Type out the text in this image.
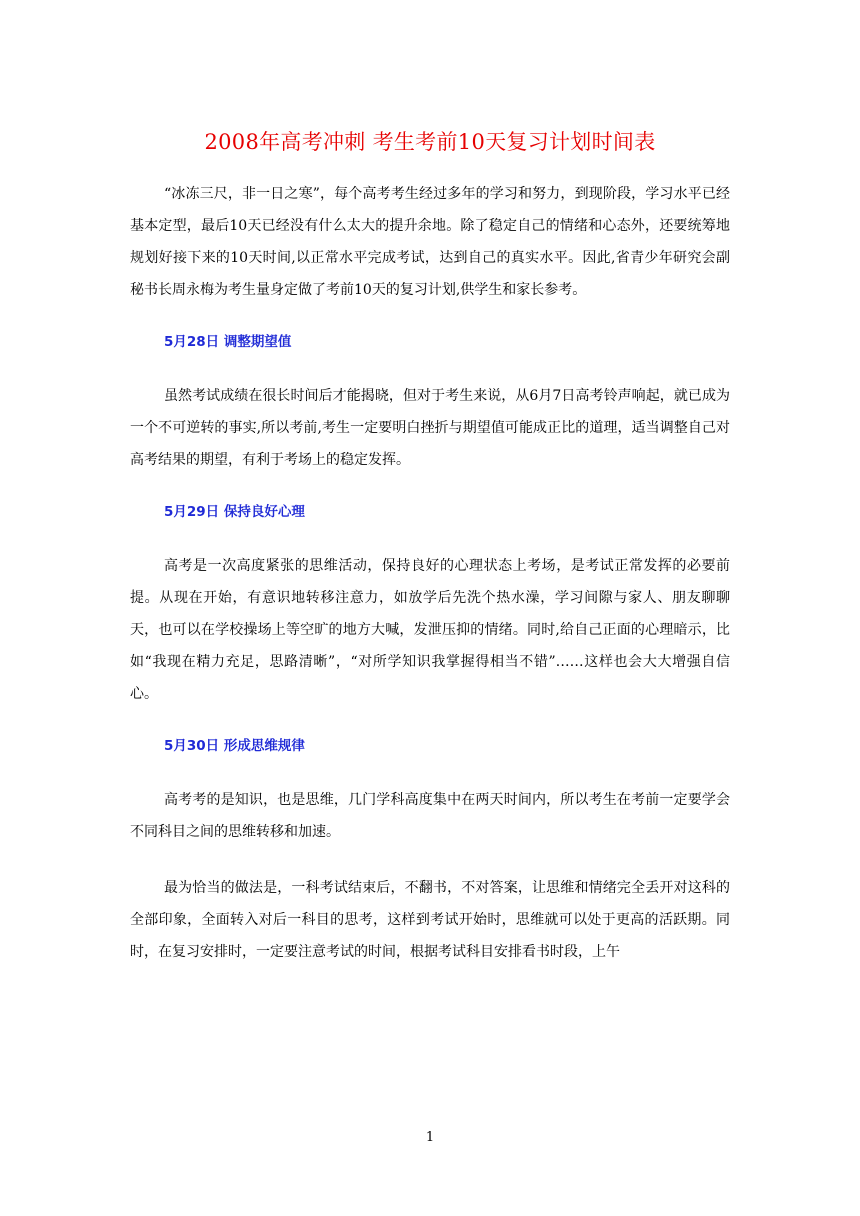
2008年高考冲刺 考生考前10天复习计划时间表

“冰冻三尺，非一日之寒”，每个高考考生经过多年的学习和努力，到现阶段，学习水平已经基本定型，最后10天已经没有什么太大的提升余地。除了稳定自己的情绪和心态外，还要统筹地规划好接下来的10天时间,以正常水平完成考试，达到自己的真实水平。因此,省青少年研究会副秘书长周永梅为考生量身定做了考前10天的复习计划,供学生和家长参考。

5月28日 调整期望值

虽然考试成绩在很长时间后才能揭晓，但对于考生来说，从6月7日高考铃声响起，就已成为一个不可逆转的事实,所以考前,考生一定要明白挫折与期望值可能成正比的道理，适当调整自己对高考结果的期望，有利于考场上的稳定发挥。

5月29日 保持良好心理

高考是一次高度紧张的思维活动，保持良好的心理状态上考场，是考试正常发挥的必要前提。从现在开始，有意识地转移注意力，如放学后先洗个热水澡，学习间隙与家人、朋友聊聊天，也可以在学校操场上等空旷的地方大喊，发泄压抑的情绪。同时,给自己正面的心理暗示，比如“我现在精力充足，思路清晰”，“对所学知识我掌握得相当不错”……这样也会大大增强自信心。

5月30日 形成思维规律

高考考的是知识，也是思维，几门学科高度集中在两天时间内，所以考生在考前一定要学会不同科目之间的思维转移和加速。

最为恰当的做法是，一科考试结束后，不翻书，不对答案，让思维和情绪完全丢开对这科的全部印象，全面转入对后一科目的思考，这样到考试开始时，思维就可以处于更高的活跃期。同时，在复习安排时，一定要注意考试的时间，根据考试科目安排看书时段，上午

1
